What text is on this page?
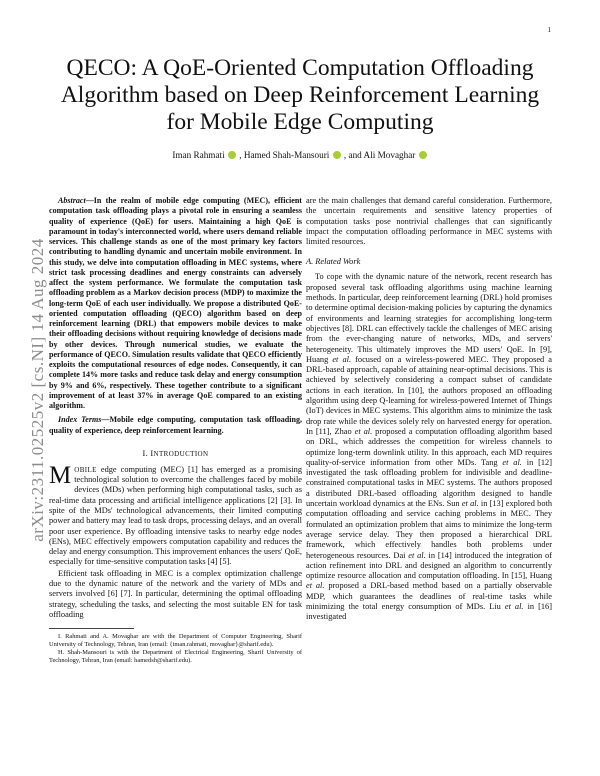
1
arXiv:2311.02525v2 [cs.NI] 14 Aug 2024
QECO: A QoE-Oriented Computation Offloading Algorithm based on Deep Reinforcement Learning for Mobile Edge Computing
Iman Rahmati , Hamed Shah-Mansouri , and Ali Movaghar

Abstract—In the realm of mobile edge computing (MEC), efficient computation task offloading plays a pivotal role in ensuring a seamless quality of experience (QoE) for users. Maintaining a high QoE is paramount in today's interconnected world, where users demand reliable services. This challenge stands as one of the most primary key factors contributing to handling dynamic and uncertain mobile environment. In this study, we delve into computation offloading in MEC systems, where strict task processing deadlines and energy constraints can adversely affect the system performance. We formulate the computation task offloading problem as a Markov decision process (MDP) to maximize the long-term QoE of each user individually. We propose a distributed QoE-oriented computation offloading (QECO) algorithm based on deep reinforcement learning (DRL) that empowers mobile devices to make their offloading decisions without requiring knowledge of decisions made by other devices. Through numerical studies, we evaluate the performance of QECO. Simulation results validate that QECO efficiently exploits the computational resources of edge nodes. Consequently, it can complete 14% more tasks and reduce task delay and energy consumption by 9% and 6%, respectively. These together contribute to a significant improvement of at least 37% in average QoE compared to an existing algorithm.

Index Terms—Mobile edge computing, computation task offloading, quality of experience, deep reinforcement learning.

I. INTRODUCTION

MOBILE edge computing (MEC) [1] has emerged as a promising technological solution to overcome the challenges faced by mobile devices (MDs) when performing high computational tasks, such as real-time data processing and artificial intelligence applications [2] [3]. In spite of the MDs' technological advancements, their limited computing power and battery may lead to task drops, processing delays, and an overall poor user experience. By offloading intensive tasks to nearby edge nodes (ENs), MEC effectively empowers computation capability and reduces the delay and energy consumption. This improvement enhances the users' QoE, especially for time-sensitive computation tasks [4] [5].

Efficient task offloading in MEC is a complex optimization challenge due to the dynamic nature of the network and the variety of MDs and servers involved [6] [7]. In particular, determining the optimal offloading strategy, scheduling the tasks, and selecting the most suitable EN for task offloading

I. Rahmati and A. Movaghar are with the Department of Computer Engineering, Sharif University of Technology, Tehran, Iran (email: {iman.rahmati, movaghar}@sharif.edu).

H. Shah-Mansouri is with the Department of Electrical Engineering, Sharif University of Technology, Tehran, Iran (email: hamedsh@sharif.edu).

are the main challenges that demand careful consideration. Furthermore, the uncertain requirements and sensitive latency properties of computation tasks pose nontrivial challenges that can significantly impact the computation offloading performance in MEC systems with limited resources.

A. Related Work

To cope with the dynamic nature of the network, recent research has proposed several task offloading algorithms using machine learning methods. In particular, deep reinforcement learning (DRL) hold promises to determine optimal decision-making policies by capturing the dynamics of environments and learning strategies for accomplishing long-term objectives [8]. DRL can effectively tackle the challenges of MEC arising from the ever-changing nature of networks, MDs, and servers' heterogeneity. This ultimately improves the MD users' QoE. In [9], Huang et al. focused on a wireless-powered MEC. They proposed a DRL-based approach, capable of attaining near-optimal decisions. This is achieved by selectively considering a compact subset of candidate actions in each iteration. In [10], the authors proposed an offloading algorithm using deep Q-learning for wireless-powered Internet of Things (IoT) devices in MEC systems. This algorithm aims to minimize the task drop rate while the devices solely rely on harvested energy for operation. In [11], Zhao et al. proposed a computation offloading algorithm based on DRL, which addresses the competition for wireless channels to optimize long-term downlink utility. In this approach, each MD requires quality-of-service information from other MDs. Tang et al. in [12] investigated the task offloading problem for indivisible and deadline-constrained computational tasks in MEC systems. The authors proposed a distributed DRL-based offloading algorithm designed to handle uncertain workload dynamics at the ENs. Sun et al. in [13] explored both computation offloading and service caching problems in MEC. They formulated an optimization problem that aims to minimize the long-term average service delay. They then proposed a hierarchical DRL framework, which effectively handles both problems under heterogeneous resources. Dai et al. in [14] introduced the integration of action refinement into DRL and designed an algorithm to concurrently optimize resource allocation and computation offloading. In [15], Huang et al. proposed a DRL-based method based on a partially observable MDP, which guarantees the deadlines of real-time tasks while minimizing the total energy consumption of MDs. Liu et al. in [16] investigated
